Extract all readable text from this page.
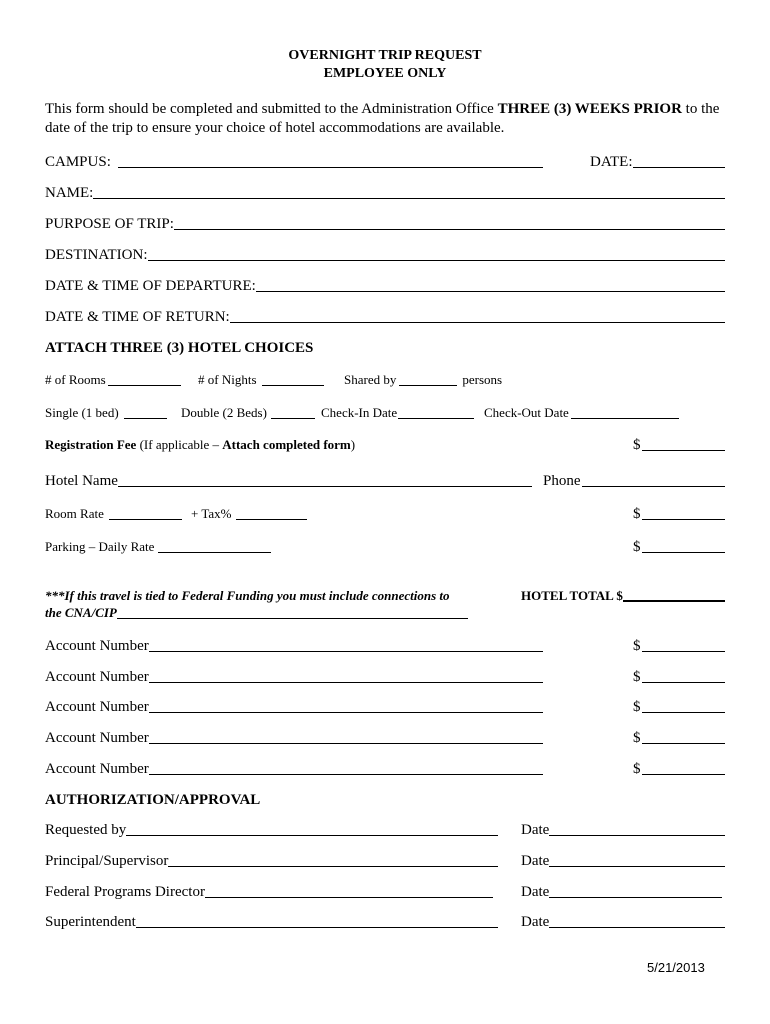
OVERNIGHT TRIP REQUEST
EMPLOYEE ONLY

This form should be completed and submitted to the Administration Office THREE (3) WEEKS PRIOR to the date of the trip to ensure your choice of hotel accommodations are available.

CAMPUS:	DATE:
NAME:
PURPOSE OF TRIP:
DESTINATION:
DATE & TIME OF DEPARTURE:
DATE & TIME OF RETURN:
ATTACH THREE (3) HOTEL CHOICES
# of Rooms	# of Nights	Shared by	persons
Single (1 bed)	Double (2 Beds)	Check-In Date	Check-Out Date
Registration Fee (If applicable – Attach completed form)	$
Hotel Name	Phone
Room Rate	+ Tax%	$
Parking – Daily Rate	$
***If this travel is tied to Federal Funding you must include connections to
the CNA/CIP
HOTEL TOTAL $
Account Number	$
Account Number	$
Account Number	$
Account Number	$
Account Number	$
AUTHORIZATION/APPROVAL
Requested by	Date
Principal/Supervisor	Date
Federal Programs Director	Date
Superintendent	Date
5/21/2013
